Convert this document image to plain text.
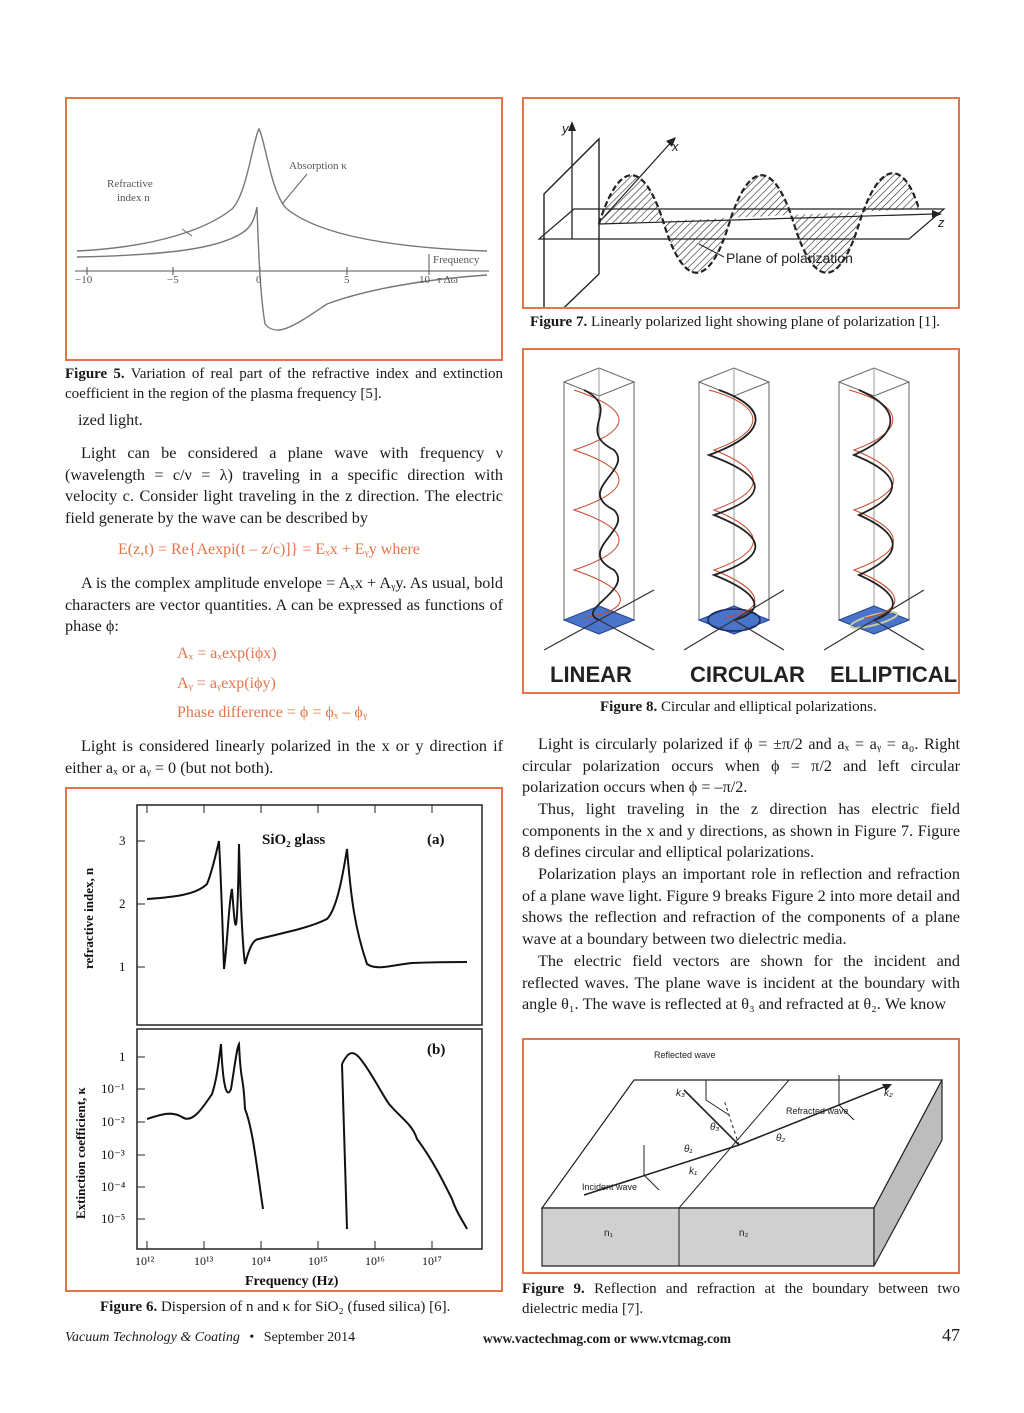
Refractive
index n
Absorption κ
Frequency
τ Δω
−10	−5	0	5	10
Figure 5. Variation of real part of the refractive index and extinction coefficient in the region of the plasma frequency [5].
y
x
z
Plane of polarization
Figure 7. Linearly polarized light showing plane of polarization [1].
LINEAR	CIRCULAR ELLIPTICAL
Figure 8. Circular and elliptical polarizations.
ized light.
Light can be considered a plane wave with frequency ν (wavelength = c/ν = λ) traveling in a specific direction with velocity c. Consider light traveling in the z direction. The electric field generate by the wave can be described by
E(z,t) = Re{Aexpi(t – z/c)]} = Eₓx + Eᵧy where
A is the complex amplitude envelope = Aₓx + Aᵧy. As usual, bold characters are vector quantities. A can be expressed as functions of phase ϕ:
Aₓ = aₓexp(iϕx)
Aᵧ = aᵧexp(iϕy)
Phase difference = ϕ = ϕₓ – ϕᵧ
Light is considered linearly polarized in the x or y direction if either aₓ or aᵧ = 0 (but not both).
SiO₂ glass	(a)
(b)
3
2
1
1
10⁻¹
10⁻²
10⁻³
10⁻⁴
10⁻⁵
10¹²	10¹³	10¹⁴	10¹⁵	10¹⁶	10¹⁷
Frequency (Hz)
refractive index, n
Extinction coefficient, κ
Figure 6. Dispersion of n and κ for SiO₂ (fused silica) [6].
Light is circularly polarized if ϕ = ±π/2 and aₓ = aᵧ = a₀. Right circular polarization occurs when ϕ = π/2 and left circular polarization occurs when ϕ = –π/2.
Thus, light traveling in the z direction has electric field components in the x and y directions, as shown in Figure 7. Figure 8 defines circular and elliptical polarizations.
Polarization plays an important role in reflection and refraction of a plane wave light. Figure 9 breaks Figure 2 into more detail and shows the reflection and refraction of the components of a plane wave at a boundary between two dielectric media.
The electric field vectors are shown for the incident and reflected waves. The plane wave is incident at the boundary with angle θ₁. The wave is reflected at θ₃ and refracted at θ₂. We know
Reflected wave
Refracted wave
Incident wave
n₁	n₂
k₁
k₂
k₃
θ₁
θ₂
θ₃
Figure 9. Reflection and refraction at the boundary between two dielectric media [7].
Vacuum Technology & Coating • September 2014	www.vactechmag.com or www.vtcmag.com	47
